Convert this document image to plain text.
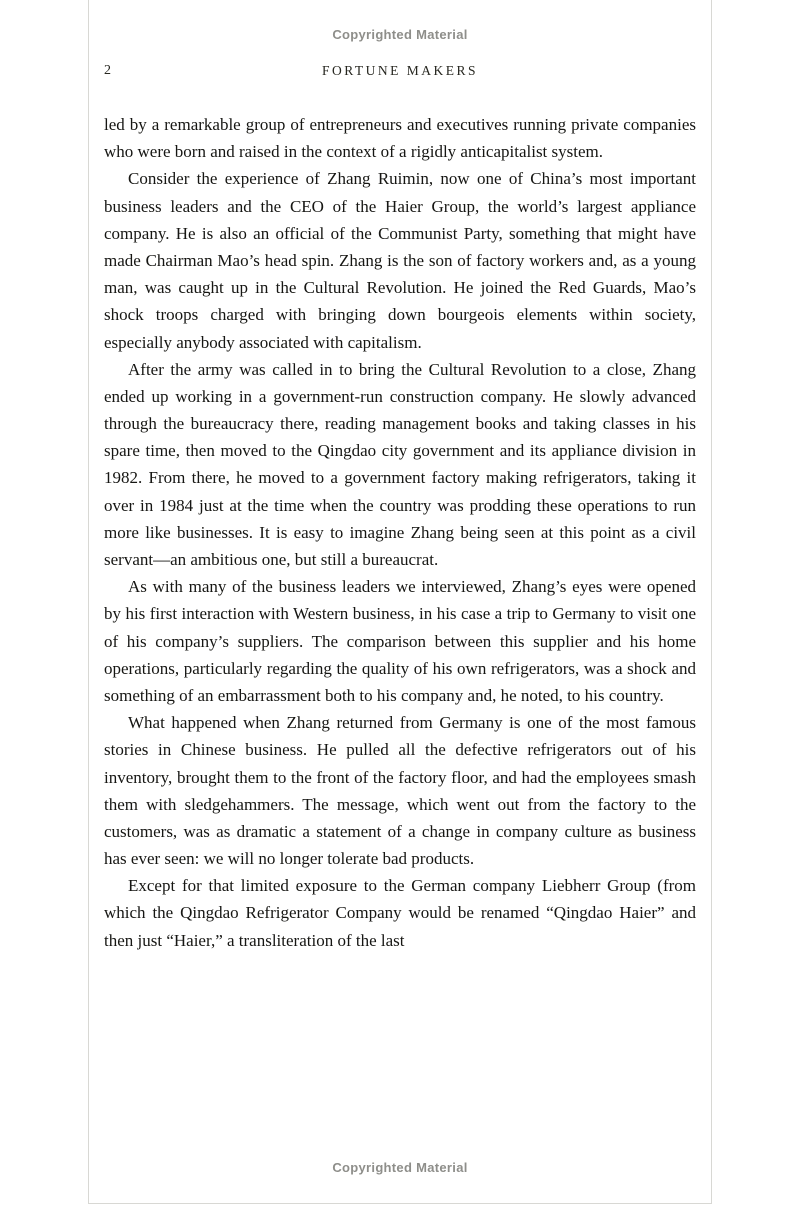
Copyrighted Material
2	FORTUNE MAKERS

led by a remarkable group of entrepreneurs and executives running private companies who were born and raised in the context of a rigidly anticapitalist system.

Consider the experience of Zhang Ruimin, now one of China’s most important business leaders and the CEO of the Haier Group, the world’s largest appliance company. He is also an official of the Communist Party, something that might have made Chairman Mao’s head spin. Zhang is the son of factory workers and, as a young man, was caught up in the Cultural Revolution. He joined the Red Guards, Mao’s shock troops charged with bringing down bourgeois elements within society, especially anybody associated with capitalism.

After the army was called in to bring the Cultural Revolution to a close, Zhang ended up working in a government-run construction company. He slowly advanced through the bureaucracy there, reading management books and taking classes in his spare time, then moved to the Qingdao city government and its appliance division in 1982. From there, he moved to a government factory making refrigerators, taking it over in 1984 just at the time when the country was prodding these operations to run more like businesses. It is easy to imagine Zhang being seen at this point as a civil servant—an ambitious one, but still a bureaucrat.

As with many of the business leaders we interviewed, Zhang’s eyes were opened by his first interaction with Western business, in his case a trip to Germany to visit one of his company’s suppliers. The comparison between this supplier and his home operations, particularly regarding the quality of his own refrigerators, was a shock and something of an embarrassment both to his company and, he noted, to his country.

What happened when Zhang returned from Germany is one of the most famous stories in Chinese business. He pulled all the defective refrigerators out of his inventory, brought them to the front of the factory floor, and had the employees smash them with sledgehammers. The message, which went out from the factory to the customers, was as dramatic a statement of a change in company culture as business has ever seen: we will no longer tolerate bad products.

Except for that limited exposure to the German company Liebherr Group (from which the Qingdao Refrigerator Company would be renamed “Qingdao Haier” and then just “Haier,” a transliteration of the last

Copyrighted Material
